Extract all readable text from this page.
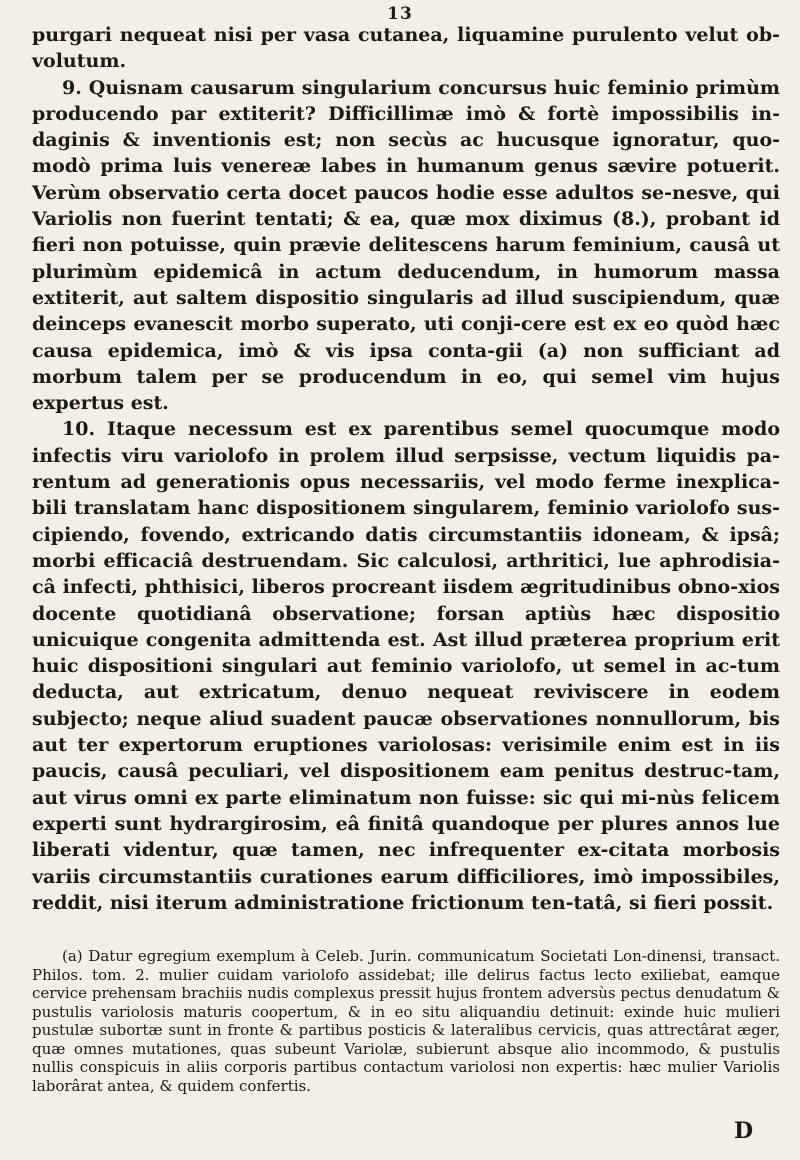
13

purgari nequeat nisi per vasa cutanea, liquamine purulento velut ob-volutum.

9. Quisnam causarum singularium concursus huic feminio primùm producendo par extiterit? Difficillimæ imò & fortè impossibilis in-daginis & inventionis est; non secùs ac hucusque ignoratur, quo-modò prima luis venereæ labes in humanum genus sævire potuerit. Verùm observatio certa docet paucos hodie esse adultos se-nesve, qui Variolis non fuerint tentati; & ea, quæ mox diximus (8.), probant id fieri non potuisse, quin prævie delitescens harum feminium, causâ ut plurimùm epidemicâ in actum deducendum, in humorum massa extiterit, aut saltem dispositio singularis ad illud suscipiendum, quæ deinceps evanescit morbo superato, uti conji-cere est ex eo quòd hæc causa epidemica, imò & vis ipsa conta-gii (a) non sufficiant ad morbum talem per se producendum in eo, qui semel vim hujus expertus est.

10. Itaque necessum est ex parentibus semel quocumque modo infectis viru variolofo in prolem illud serpsisse, vectum liquidis pa-rentum ad generationis opus necessariis, vel modo ferme inexplica-bili translatam hanc dispositionem singularem, feminio variolofo sus-cipiendo, fovendo, extricando datis circumstantiis idoneam, & ipsâ; morbi efficaciâ destruendam. Sic calculosi, arthritici, lue aphrodisia-câ infecti, phthisici, liberos procreant iisdem ægritudinibus obno-xios docente quotidianâ observatione; forsan aptiùs hæc dispositio unicuique congenita admittenda est. Ast illud præterea proprium erit huic dispositioni singulari aut feminio variolofo, ut semel in ac-tum deducta, aut extricatum, denuo nequeat reviviscere in eodem subjecto; neque aliud suadent paucæ observationes nonnullorum, bis aut ter expertorum eruptiones variolosas: verisimile enim est in iis paucis, causâ peculiari, vel dispositionem eam penitus destruc-tam, aut virus omni ex parte eliminatum non fuisse: sic qui mi-nùs felicem experti sunt hydrargirosim, eâ finitâ quandoque per plures annos lue liberati videntur, quæ tamen, nec infrequenter ex-citata morbosis variis circumstantiis curationes earum difficiliores, imò impossibiles, reddit, nisi iterum administratione frictionum ten-tatâ, si fieri possit.

(a) Datur egregium exemplum à Celeb. Jurin. communicatum Societati Lon-dinensi, transact. Philos. tom. 2. mulier cuidam variolofo assidebat; ille delirus factus lecto exiliebat, eamque cervice prehensam brachiis nudis complexus pressit hujus frontem adversùs pectus denudatum & pustulis variolosis maturis coopertum, & in eo situ aliquandiu detinuit: exinde huic mulieri pustulæ subortæ sunt in fronte & partibus posticis & lateralibus cervicis, quas attrectârat æger, quæ omnes mutationes, quas subeunt Variolæ, subierunt absque alio incommodo, & pustulis nullis conspicuis in aliis corporis partibus contactum variolosi non expertis: hæc mulier Variolis laborârat antea, & quidem confertis.

D
